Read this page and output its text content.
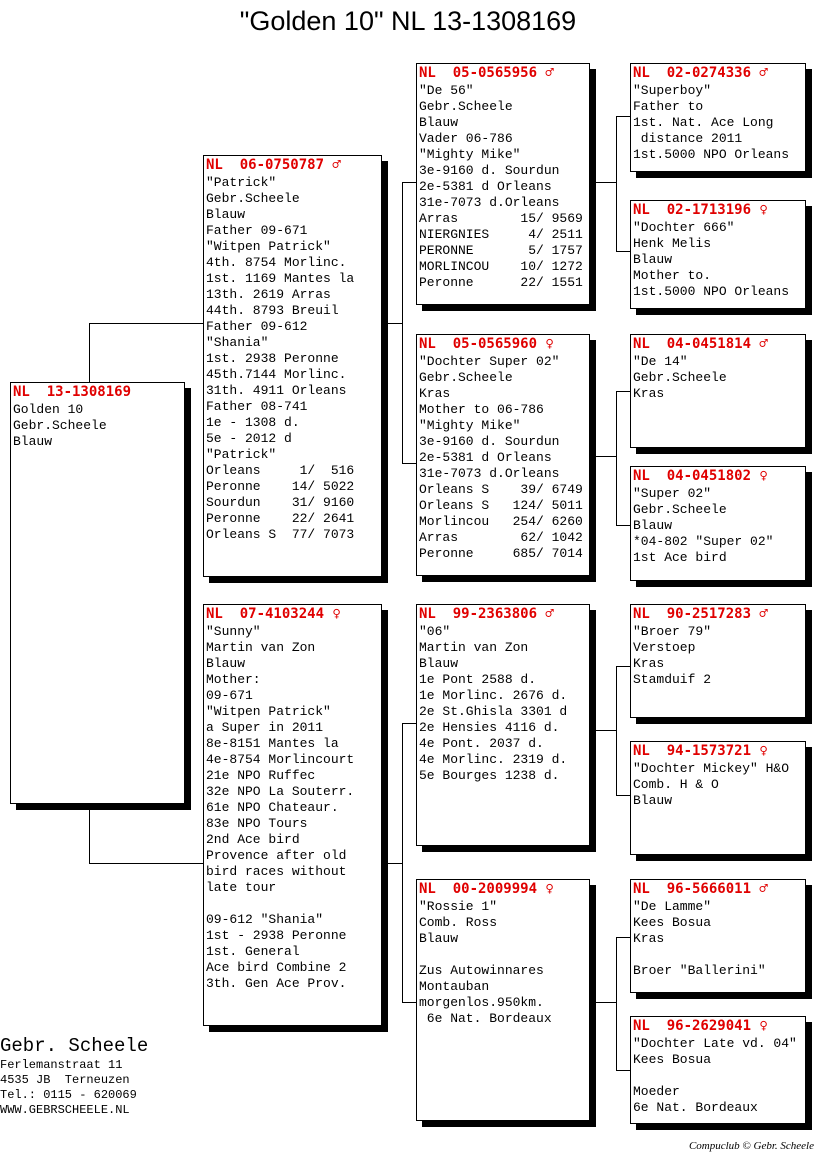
"Golden 10" NL 13-1308169
NL  13-1308169
Golden 10
Gebr.Scheele
Blauw
NL  06-0750787 ♂
"Patrick"
Gebr.Scheele
Blauw
Father 09-671
"Witpen Patrick"
4th. 8754 Morlinc.
1st. 1169 Mantes la
13th. 2619 Arras
44th. 8793 Breuil
Father 09-612
"Shania"
1st. 2938 Peronne
45th.7144 Morlinc.
31th. 4911 Orleans
Father 08-741
1e - 1308 d.
5e - 2012 d
"Patrick"
Orleans     1/  516
Peronne    14/ 5022
Sourdun    31/ 9160
Peronne    22/ 2641
Orleans S  77/ 7073
NL  07-4103244 ♀
"Sunny"
Martin van Zon
Blauw
Mother:
09-671
"Witpen Patrick"
a Super in 2011
8e-8151 Mantes la
4e-8754 Morlincourt
21e NPO Ruffec
32e NPO La Souterr.
61e NPO Chateaur.
83e NPO Tours
2nd Ace bird
Provence after old
bird races without
late tour
09-612 "Shania"
1st - 2938 Peronne
1st. General
Ace bird Combine 2
3th. Gen Ace Prov.
NL  05-0565956 ♂
"De 56"
Gebr.Scheele
Blauw
Vader 06-786
"Mighty Mike"
3e-9160 d. Sourdun
2e-5381 d Orleans
31e-7073 d.Orleans
Arras        15/ 9569
NIERGNIES     4/ 2511
PERONNE       5/ 1757
MORLINCOU    10/ 1272
Peronne      22/ 1551
NL  05-0565960 ♀
"Dochter Super 02"
Gebr.Scheele
Kras
Mother to 06-786
"Mighty Mike"
3e-9160 d. Sourdun
2e-5381 d Orleans
31e-7073 d.Orleans
Orleans S    39/ 6749
Orleans S   124/ 5011
Morlincou   254/ 6260
Arras        62/ 1042
Peronne     685/ 7014
NL  99-2363806 ♂
"06"
Martin van Zon
Blauw
1e Pont 2588 d.
1e Morlinc. 2676 d.
2e St.Ghisla 3301 d
2e Hensies 4116 d.
4e Pont. 2037 d.
4e Morlinc. 2319 d.
5e Bourges 1238 d.
NL  00-2009994 ♀
"Rossie 1"
Comb. Ross
Blauw
Zus Autowinnares
Montauban
morgenlos.950km.
6e Nat. Bordeaux
NL  02-0274336 ♂
"Superboy"
Father to
1st. Nat. Ace Long
distance 2011
1st.5000 NPO Orleans
NL  02-1713196 ♀
"Dochter 666"
Henk Melis
Blauw
Mother to.
1st.5000 NPO Orleans
NL  04-0451814 ♂
"De 14"
Gebr.Scheele
Kras
NL  04-0451802 ♀
"Super 02"
Gebr.Scheele
Blauw
*04-802 "Super 02"
1st Ace bird
NL  90-2517283 ♂
"Broer 79"
Verstoep
Kras
Stamduif 2
NL  94-1573721 ♀
"Dochter Mickey" H&O
Comb. H & O
Blauw
NL  96-5666011 ♂
"De Lamme"
Kees Bosua
Kras
Broer "Ballerini"
NL  96-2629041 ♀
"Dochter Late vd. 04"
Kees Bosua
Moeder
6e Nat. Bordeaux
Gebr. Scheele
Ferlemanstraat 11
4535 JB  Terneuzen
Tel.: 0115 - 620069
WWW.GEBRSCHEELE.NL
Compuclub © Gebr. Scheele
